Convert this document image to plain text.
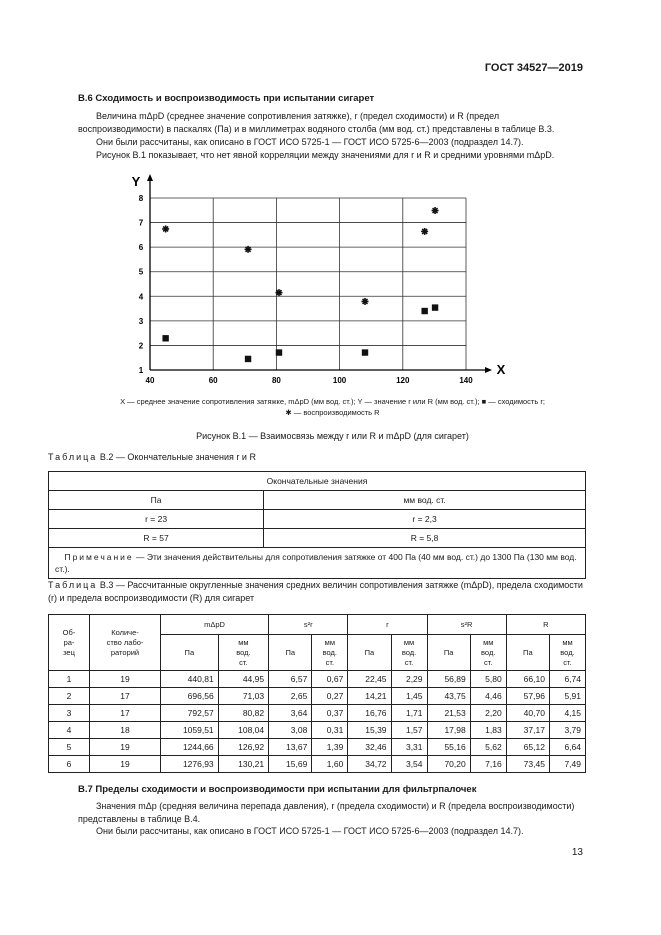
ГОСТ 34527—2019
В.6 Сходимость и воспроизводимость при испытании сигарет

Величина mΔpD (среднее значение сопротивления затяжке), r (предел сходимости) и R (предел воспроизводимости) в паскалях (Па) и в миллиметрах водяного столба (мм вод. ст.) представлены в таблице В.3.

Они были рассчитаны, как описано в ГОСТ ИСО 5725-1 — ГОСТ ИСО 5725-6—2003 (подраздел 14.7).

Рисунок В.1 показывает, что нет явной корреляции между значениями для r и R и средними уровнями mΔpD.

40	60	80	100	120	140
1
2
3
4
5
6
7
8
X
Y
X — среднее значение сопротивления затяжке, mΔpD (мм вод. ст.); Y — значение r или R (мм вод. ст.); ■ — сходимость r;
✱ — воспроизводимость R
Рисунок В.1 — Взаимосвязь между r или R и mΔpD (для сигарет)
Таблица В.2 — Окончательные значения r и R
Окончательные значения	
Па	мм вод. ст.
r = 23	r = 2,3
R = 57	R = 5,8
Примечание — Эти значения действительны для сопротивления затяжке от 400 Па (40 мм вод. ст.) до 1300 Па (130 мм вод. ст.).	
Таблица В.3 — Рассчитанные округленные значения средних величин сопротивления затяжке (mΔpD), предела сходимости (r) и предела воспроизводимости (R) для сигарет
Об-
ра-
зец	Количе-
ство лабо-
раторий	mΔpD		s²r		r		s²R		R	
		Па	мм
вод.
ст.	Па	мм
вод.
ст.	Па	мм
вод.
ст.	Па	мм
вод.
ст.	Па	мм
вод.
ст.
1	19	440,81	44,95	6,57	0,67	22,45	2,29	56,89	5,80	66,10	6,74
2	17	696,56	71,03	2,65	0,27	14,21	1,45	43,75	4,46	57,96	5,91
3	17	792,57	80,82	3,64	0,37	16,76	1,71	21,53	2,20	40,70	4,15
4	18	1059,51	108,04	3,08	0,31	15,39	1,57	17,98	1,83	37,17	3,79
5	19	1244,66	126,92	13,67	1,39	32,46	3,31	55,16	5,62	65,12	6,64
6	19	1276,93	130,21	15,69	1,60	34,72	3,54	70,20	7,16	73,45	7,49
В.7 Пределы сходимости и воспроизводимости при испытании для фильтрпалочек

Значения mΔp (средняя величина перепада давления), r (предела сходимости) и R (предела воспроизводимости) представлены в таблице В.4.

Они были рассчитаны, как описано в ГОСТ ИСО 5725-1 — ГОСТ ИСО 5725-6—2003 (подраздел 14.7).

13
